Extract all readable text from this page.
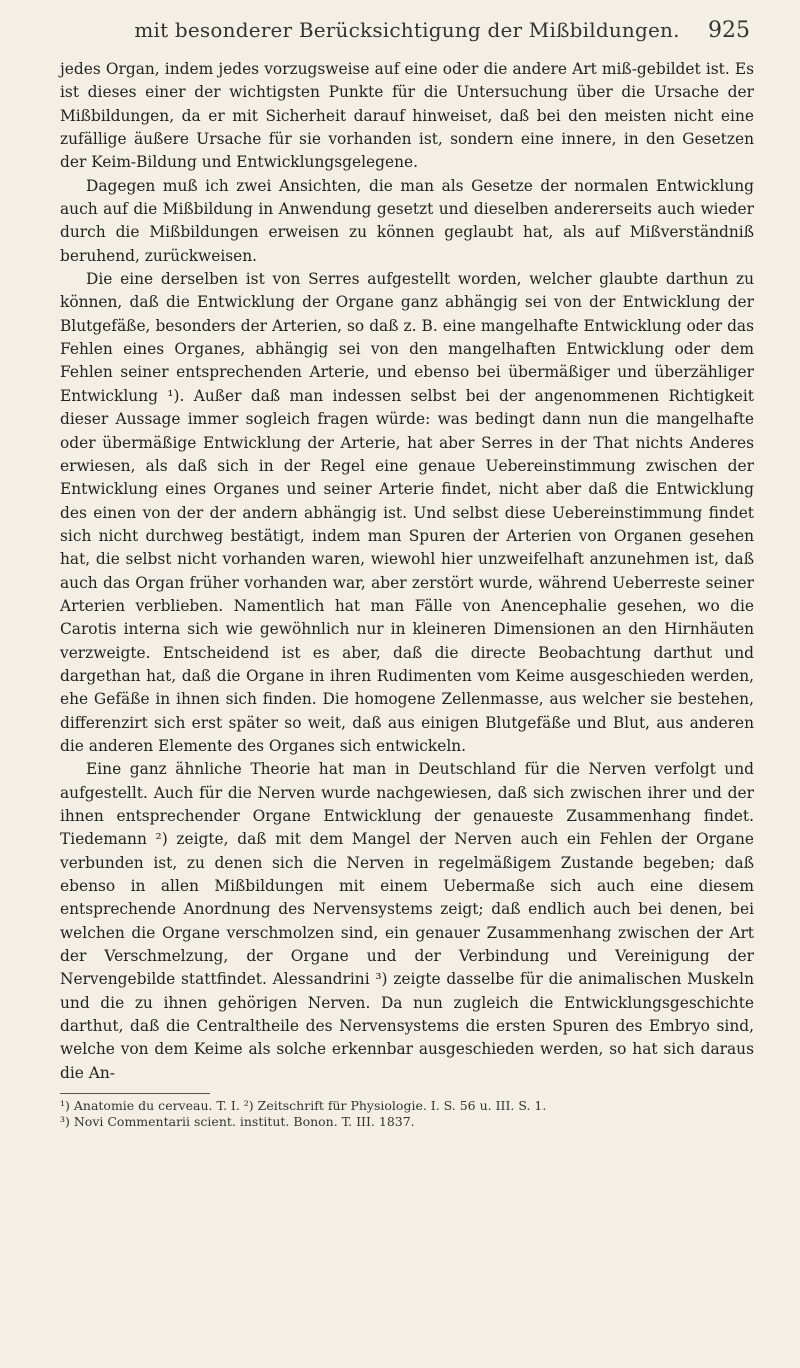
mit besonderer Berücksichtigung der Mißbildungen. 925

jedes Organ, indem jedes vorzugsweise auf eine oder die andere Art miß-gebildet ist. Es ist dieses einer der wichtigsten Punkte für die Untersuchung über die Ursache der Mißbildungen, da er mit Sicherheit darauf hinweiset, daß bei den meisten nicht eine zufällige äußere Ursache für sie vorhanden ist, sondern eine innere, in den Gesetzen der Keim-Bildung und Entwicklungsgelegene.

Dagegen muß ich zwei Ansichten, die man als Gesetze der normalen Entwicklung auch auf die Mißbildung in Anwendung gesetzt und dieselben andererseits auch wieder durch die Mißbildungen erweisen zu können geglaubt hat, als auf Mißverständniß beruhend, zurückweisen.

Die eine derselben ist von Serres aufgestellt worden, welcher glaubte darthun zu können, daß die Entwicklung der Organe ganz abhängig sei von der Entwicklung der Blutgefäße, besonders der Arterien, so daß z. B. eine mangelhafte Entwicklung oder das Fehlen eines Organes, abhängig sei von den mangelhaften Entwicklung oder dem Fehlen seiner entsprechenden Arterie, und ebenso bei übermäßiger und überzähliger Entwicklung ¹). Außer daß man indessen selbst bei der angenommenen Richtigkeit dieser Aussage immer sogleich fragen würde: was bedingt dann nun die mangelhafte oder übermäßige Entwicklung der Arterie, hat aber Serres in der That nichts Anderes erwiesen, als daß sich in der Regel eine genaue Uebereinstimmung zwischen der Entwicklung eines Organes und seiner Arterie findet, nicht aber daß die Entwicklung des einen von der der andern abhängig ist. Und selbst diese Uebereinstimmung findet sich nicht durchweg bestätigt, indem man Spuren der Arterien von Organen gesehen hat, die selbst nicht vorhanden waren, wiewohl hier unzweifelhaft anzunehmen ist, daß auch das Organ früher vorhanden war, aber zerstört wurde, während Ueberreste seiner Arterien verblieben. Namentlich hat man Fälle von Anencephalie gesehen, wo die Carotis interna sich wie gewöhnlich nur in kleineren Dimensionen an den Hirnhäuten verzweigte. Entscheidend ist es aber, daß die directe Beobachtung darthut und dargethan hat, daß die Organe in ihren Rudimenten vom Keime ausgeschieden werden, ehe Gefäße in ihnen sich finden. Die homogene Zellenmasse, aus welcher sie bestehen, differenzirt sich erst später so weit, daß aus einigen Blutgefäße und Blut, aus anderen die anderen Elemente des Organes sich entwickeln.

Eine ganz ähnliche Theorie hat man in Deutschland für die Nerven verfolgt und aufgestellt. Auch für die Nerven wurde nachgewiesen, daß sich zwischen ihrer und der ihnen entsprechender Organe Entwicklung der genaueste Zusammenhang findet. Tiedemann ²) zeigte, daß mit dem Mangel der Nerven auch ein Fehlen der Organe verbunden ist, zu denen sich die Nerven in regelmäßigem Zustande begeben; daß ebenso in allen Mißbildungen mit einem Uebermaße sich auch eine diesem entsprechende Anordnung des Nervensystems zeigt; daß endlich auch bei denen, bei welchen die Organe verschmolzen sind, ein genauer Zusammenhang zwischen der Art der Verschmelzung, der Organe und der Verbindung und Vereinigung der Nervengebilde stattfindet. Alessandrini ³) zeigte dasselbe für die animalischen Muskeln und die zu ihnen gehörigen Nerven. Da nun zugleich die Entwicklungsgeschichte darthut, daß die Centraltheile des Nervensystems die ersten Spuren des Embryo sind, welche von dem Keime als solche erkennbar ausgeschieden werden, so hat sich daraus die An-

¹) Anatomie du cerveau. T. I. ²) Zeitschrift für Physiologie. I. S. 56 u. III. S. 1.
³) Novi Commentarii scient. institut. Bonon. T. III. 1837.
